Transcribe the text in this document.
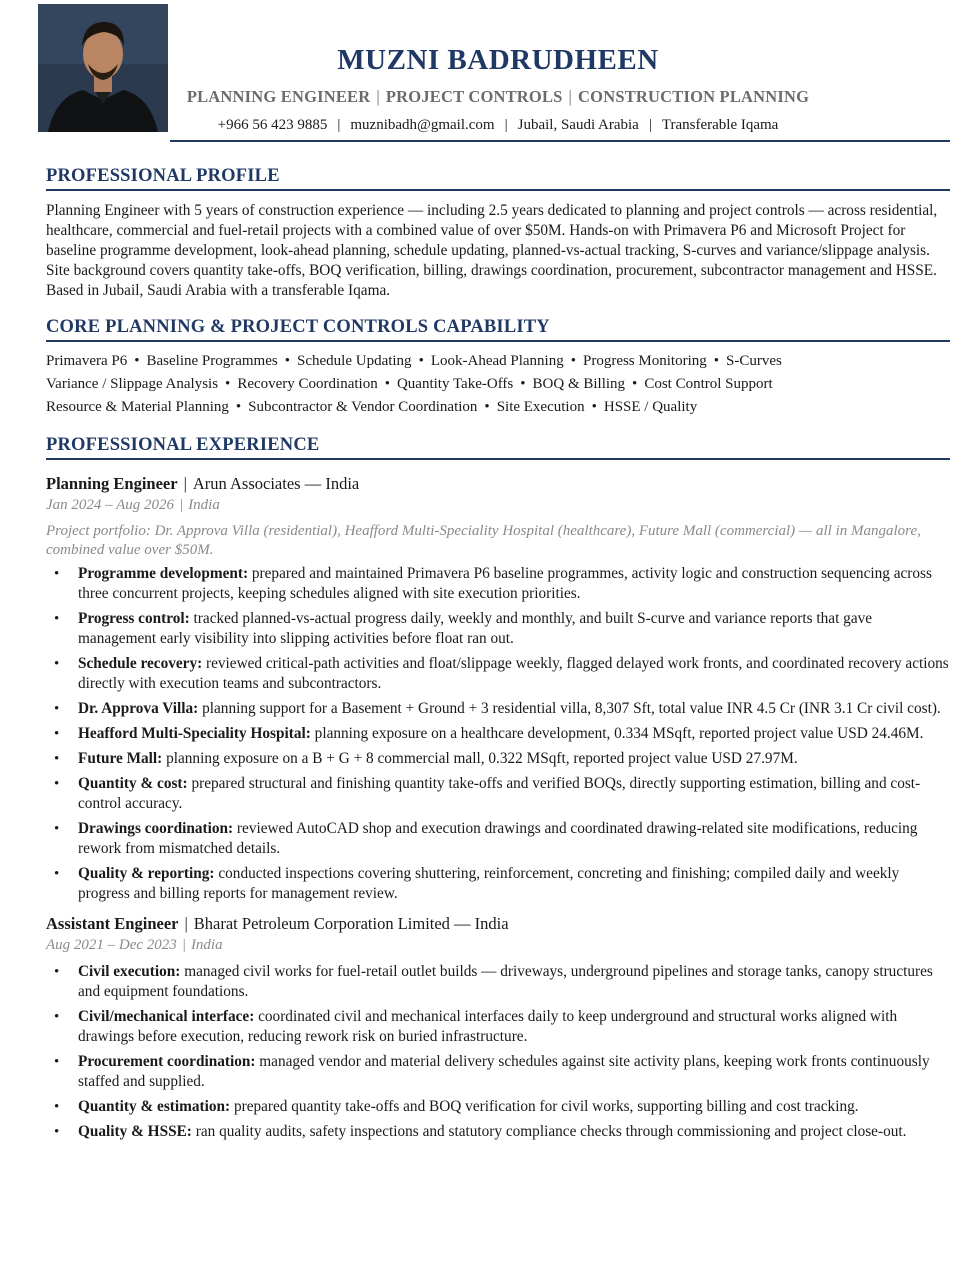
MUZNI BADRUDHEEN
PLANNING ENGINEER | PROJECT CONTROLS | CONSTRUCTION PLANNING
+966 56 423 9885 | muznibadh@gmail.com | Jubail, Saudi Arabia | Transferable Iqama
PROFESSIONAL PROFILE
Planning Engineer with 5 years of construction experience — including 2.5 years dedicated to planning and project controls — across residential, healthcare, commercial and fuel-retail projects with a combined value of over $50M. Hands-on with Primavera P6 and Microsoft Project for baseline programme development, look-ahead planning, schedule updating, planned-vs-actual tracking, S-curves and variance/slippage analysis. Site background covers quantity take-offs, BOQ verification, billing, drawings coordination, procurement, subcontractor management and HSSE. Based in Jubail, Saudi Arabia with a transferable Iqama.
CORE PLANNING & PROJECT CONTROLS CAPABILITY
Primavera P6 • Baseline Programmes • Schedule Updating • Look-Ahead Planning • Progress Monitoring • S-Curves
Variance / Slippage Analysis • Recovery Coordination • Quantity Take-Offs • BOQ & Billing • Cost Control Support
Resource & Material Planning • Subcontractor & Vendor Coordination • Site Execution • HSSE / Quality
PROFESSIONAL EXPERIENCE
Planning Engineer | Arun Associates — India
Jan 2024 – Aug 2026 | India
Project portfolio: Dr. Approva Villa (residential), Heafford Multi-Speciality Hospital (healthcare), Future Mall (commercial) — all in Mangalore, combined value over $50M.
• Programme development: prepared and maintained Primavera P6 baseline programmes, activity logic and construction sequencing across three concurrent projects, keeping schedules aligned with site execution priorities.
• Progress control: tracked planned-vs-actual progress daily, weekly and monthly, and built S-curve and variance reports that gave management early visibility into slipping activities before float ran out.
• Schedule recovery: reviewed critical-path activities and float/slippage weekly, flagged delayed work fronts, and coordinated recovery actions directly with execution teams and subcontractors.
• Dr. Approva Villa: planning support for a Basement + Ground + 3 residential villa, 8,307 Sft, total value INR 4.5 Cr (INR 3.1 Cr civil cost).
• Heafford Multi-Speciality Hospital: planning exposure on a healthcare development, 0.334 MSqft, reported project value USD 24.46M.
• Future Mall: planning exposure on a B + G + 8 commercial mall, 0.322 MSqft, reported project value USD 27.97M.
• Quantity & cost: prepared structural and finishing quantity take-offs and verified BOQs, directly supporting estimation, billing and cost-control accuracy.
• Drawings coordination: reviewed AutoCAD shop and execution drawings and coordinated drawing-related site modifications, reducing rework from mismatched details.
• Quality & reporting: conducted inspections covering shuttering, reinforcement, concreting and finishing; compiled daily and weekly progress and billing reports for management review.
Assistant Engineer | Bharat Petroleum Corporation Limited — India
Aug 2021 – Dec 2023 | India
• Civil execution: managed civil works for fuel-retail outlet builds — driveways, underground pipelines and storage tanks, canopy structures and equipment foundations.
• Civil/mechanical interface: coordinated civil and mechanical interfaces daily to keep underground and structural works aligned with drawings before execution, reducing rework risk on buried infrastructure.
• Procurement coordination: managed vendor and material delivery schedules against site activity plans, keeping work fronts continuously staffed and supplied.
• Quantity & estimation: prepared quantity take-offs and BOQ verification for civil works, supporting billing and cost tracking.
• Quality & HSSE: ran quality audits, safety inspections and statutory compliance checks through commissioning and project close-out.
